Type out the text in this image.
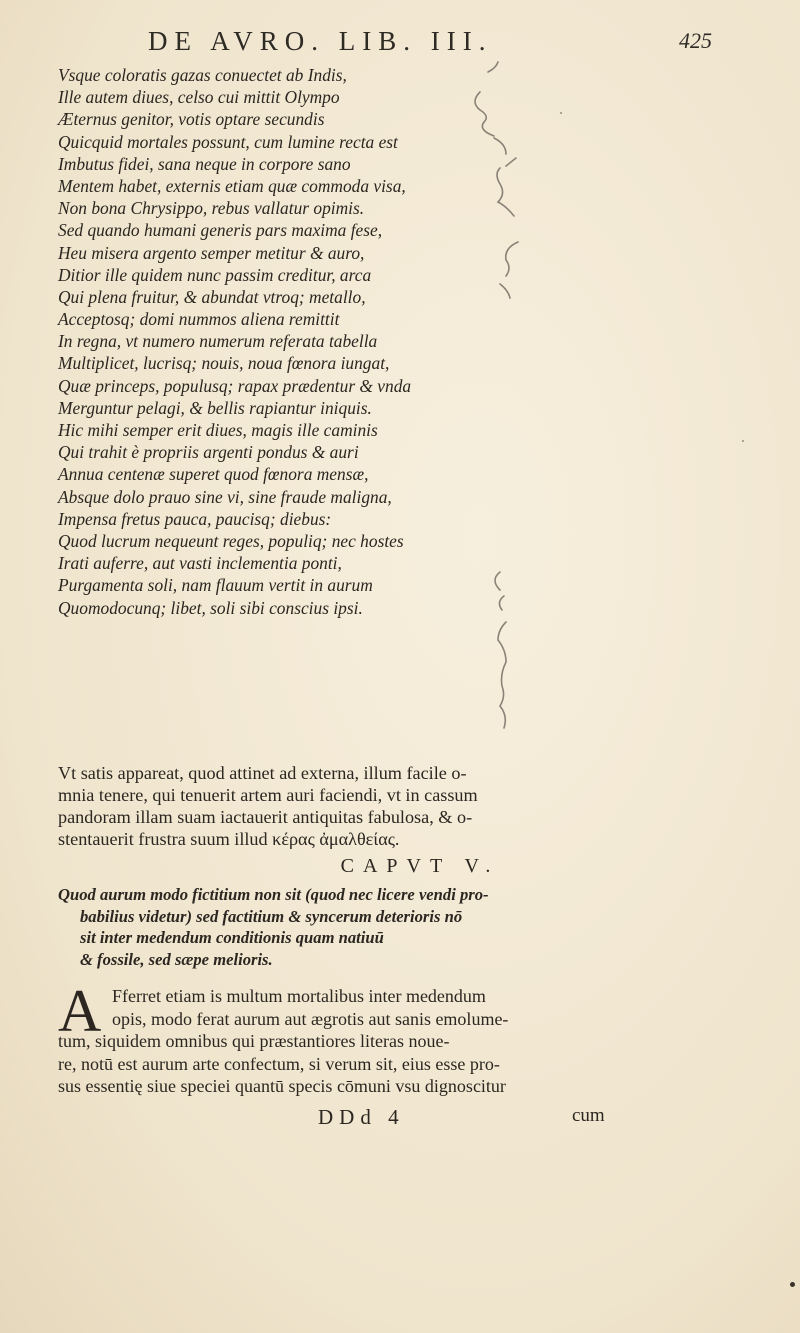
DE AVRO. LIB. III.	425
Vsque coloratis gazas conuectet ab Indis,
Ille autem diues, celso cui mittit Olympo
Æternus genitor, votis optare secundis
Quicquid mortales possunt, cum lumine recta est
Imbutus fidei, sana neque in corpore sano
Mentem habet, externis etiam quæ commoda visa,
Non bona Chrysippo, rebus vallatur opimis.
Sed quando humani generis pars maxima fese,
Heu misera argento semper metitur & auro,
Ditior ille quidem nunc passim creditur, arca
Qui plena fruitur, & abundat vtroq; metallo,
Acceptosq; domi nummos aliena remittit
In regna, vt numero numerum referata tabella
Multiplicet, lucrisq; nouis, noua fœnora iungat,
Quæ princeps, populusq; rapax prædentur & vnda
Merguntur pelagi, & bellis rapiantur iniquis.
Hic mihi semper erit diues, magis ille caminis
Qui trahit è propriis argenti pondus & auri
Annua centenæ superet quod fœnora mensæ,
Absque dolo prauo sine vi, sine fraude maligna,
Impensa fretus pauca, paucisq; diebus:
Quod lucrum nequeunt reges, populiq; nec hostes
Irati auferre, aut vasti inclementia ponti,
Purgamenta soli, nam flauum vertit in aurum
Quomodocunq; libet, soli sibi conscius ipsi.
Vt satis appareat, quod attinet ad externa, illum facile o-
mnia tenere, qui tenuerit artem auri faciendi, vt in cassum
pandoram illam suam iactauerit antiquitas fabulosa, & o-
stentauerit frustra suum illud κέρας ἀμαλθείας.
CAPVT V.
Quod aurum modo fictitium non sit (quod nec licere vendi pro-
babilius videtur) sed factitium & syncerum deterioris nō
sit inter medendum conditionis quam natiuū
& fossile, sed sæpe melioris.
A Fferret etiam is multum mortalibus inter medendum
opis, modo ferat aurum aut ægrotis aut sanis emolume-
tum, siquidem omnibus qui præstantiores literas noue-
re, notū est aurum arte confectum, si verum sit, eius esse pro-
sus essentię siue speciei quantū specis cōmuni vsu dignoscitur
DDd 4	cum
